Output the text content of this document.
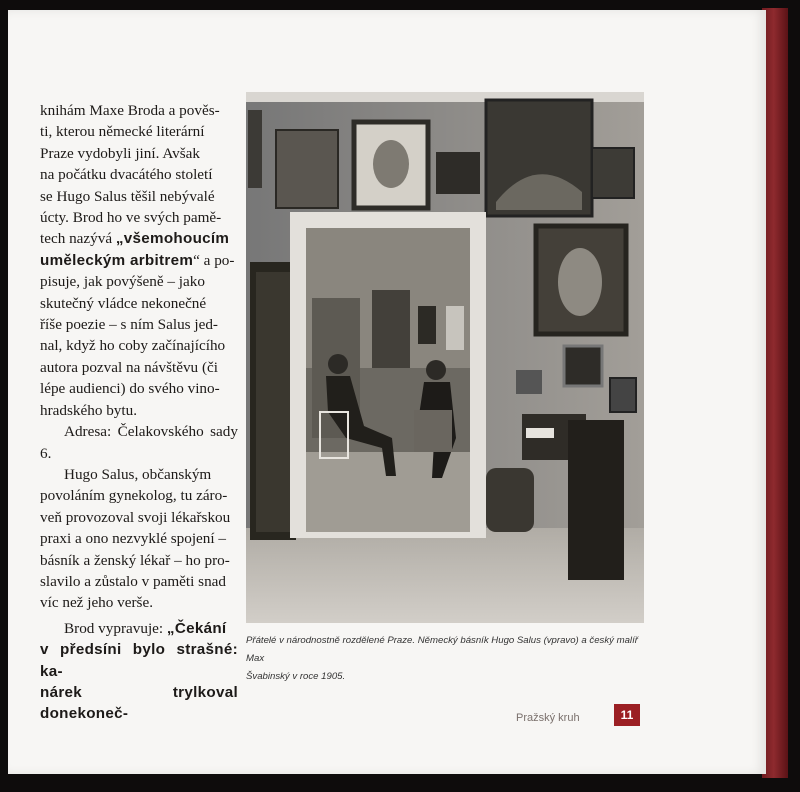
knihám Maxe Broda a pověs-
ti, kterou německé literární
Praze vydobyli jiní. Avšak
na počátku dvacátého století
se Hugo Salus těšil nebývalé
úcty. Brod ho ve svých pamě-
tech nazývá „všemohoucím
uměleckým arbitrem“ a po-
pisuje, jak povýšeně – jako
skutečný vládce nekonečné
říše poezie – s ním Salus jed-
nal, když ho coby začínajícího
autora pozval na návštěvu (či
lépe audienci) do svého vino-
hradského bytu.

Adresa: Čelakovského sady 6.

Hugo Salus, občanským
povoláním gynekolog, tu záro-
veň provozoval svoji lékařskou
praxi a ono nezvyklé spojení –
básník a ženský lékař – ho pro-
slavilo a zůstalo v paměti snad
víc než jeho verše.

Brod vypravuje: „Čekání
v předsíni bylo strašné: ka-
nárek trylkoval donekoneč-

Přátelé v národnostně rozdělené Praze. Německý básník Hugo Salus (vpravo) a český malíř Max
Švabinský v roce 1905.
Pražský kruh	11
